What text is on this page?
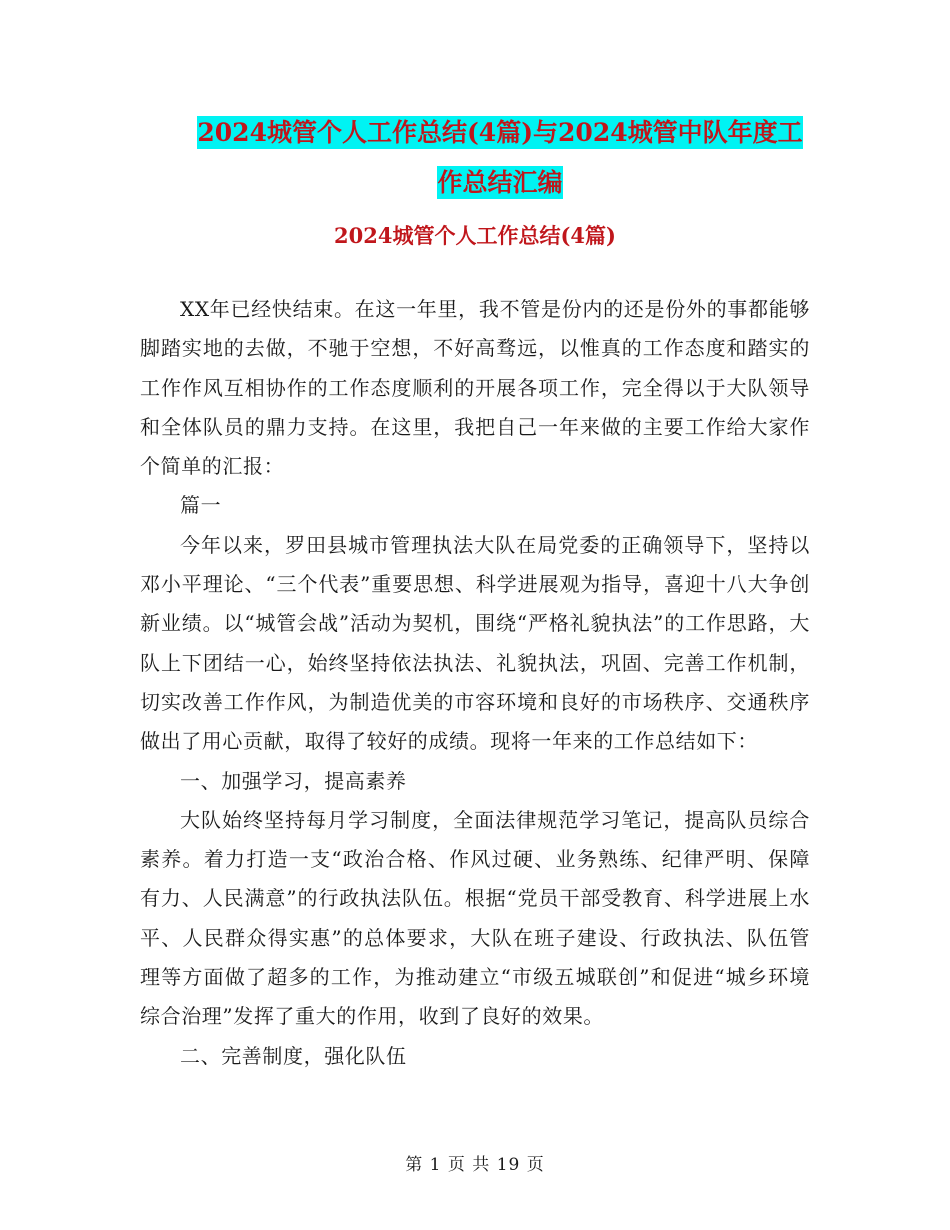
2024城管个人工作总结(4篇)与2024城管中队年度工
作总结汇编
2024城管个人工作总结(4篇)

XX年已经快结束。在这一年里，我不管是份内的还是份外的事都能够脚踏实地的去做，不驰于空想，不好高骛远，以惟真的工作态度和踏实的工作作风互相协作的工作态度顺利的开展各项工作，完全得以于大队领导和全体队员的鼎力支持。在这里，我把自己一年来做的主要工作给大家作个简单的汇报：

篇一

今年以来，罗田县城市管理执法大队在局党委的正确领导下，坚持以邓小平理论、“三个代表”重要思想、科学进展观为指导，喜迎十八大争创新业绩。以“城管会战”活动为契机，围绕“严格礼貌执法”的工作思路，大队上下团结一心，始终坚持依法执法、礼貌执法，巩固、完善工作机制，切实改善工作作风，为制造优美的市容环境和良好的市场秩序、交通秩序做出了用心贡献，取得了较好的成绩。现将一年来的工作总结如下：

一、加强学习，提高素养

大队始终坚持每月学习制度，全面法律规范学习笔记，提高队员综合素养。着力打造一支“政治合格、作风过硬、业务熟练、纪律严明、保障有力、人民满意”的行政执法队伍。根据“党员干部受教育、科学进展上水平、人民群众得实惠”的总体要求，大队在班子建设、行政执法、队伍管理等方面做了超多的工作，为推动建立“市级五城联创”和促进“城乡环境综合治理”发挥了重大的作用，收到了良好的效果。

二、完善制度，强化队伍

第 1 页 共 19 页
